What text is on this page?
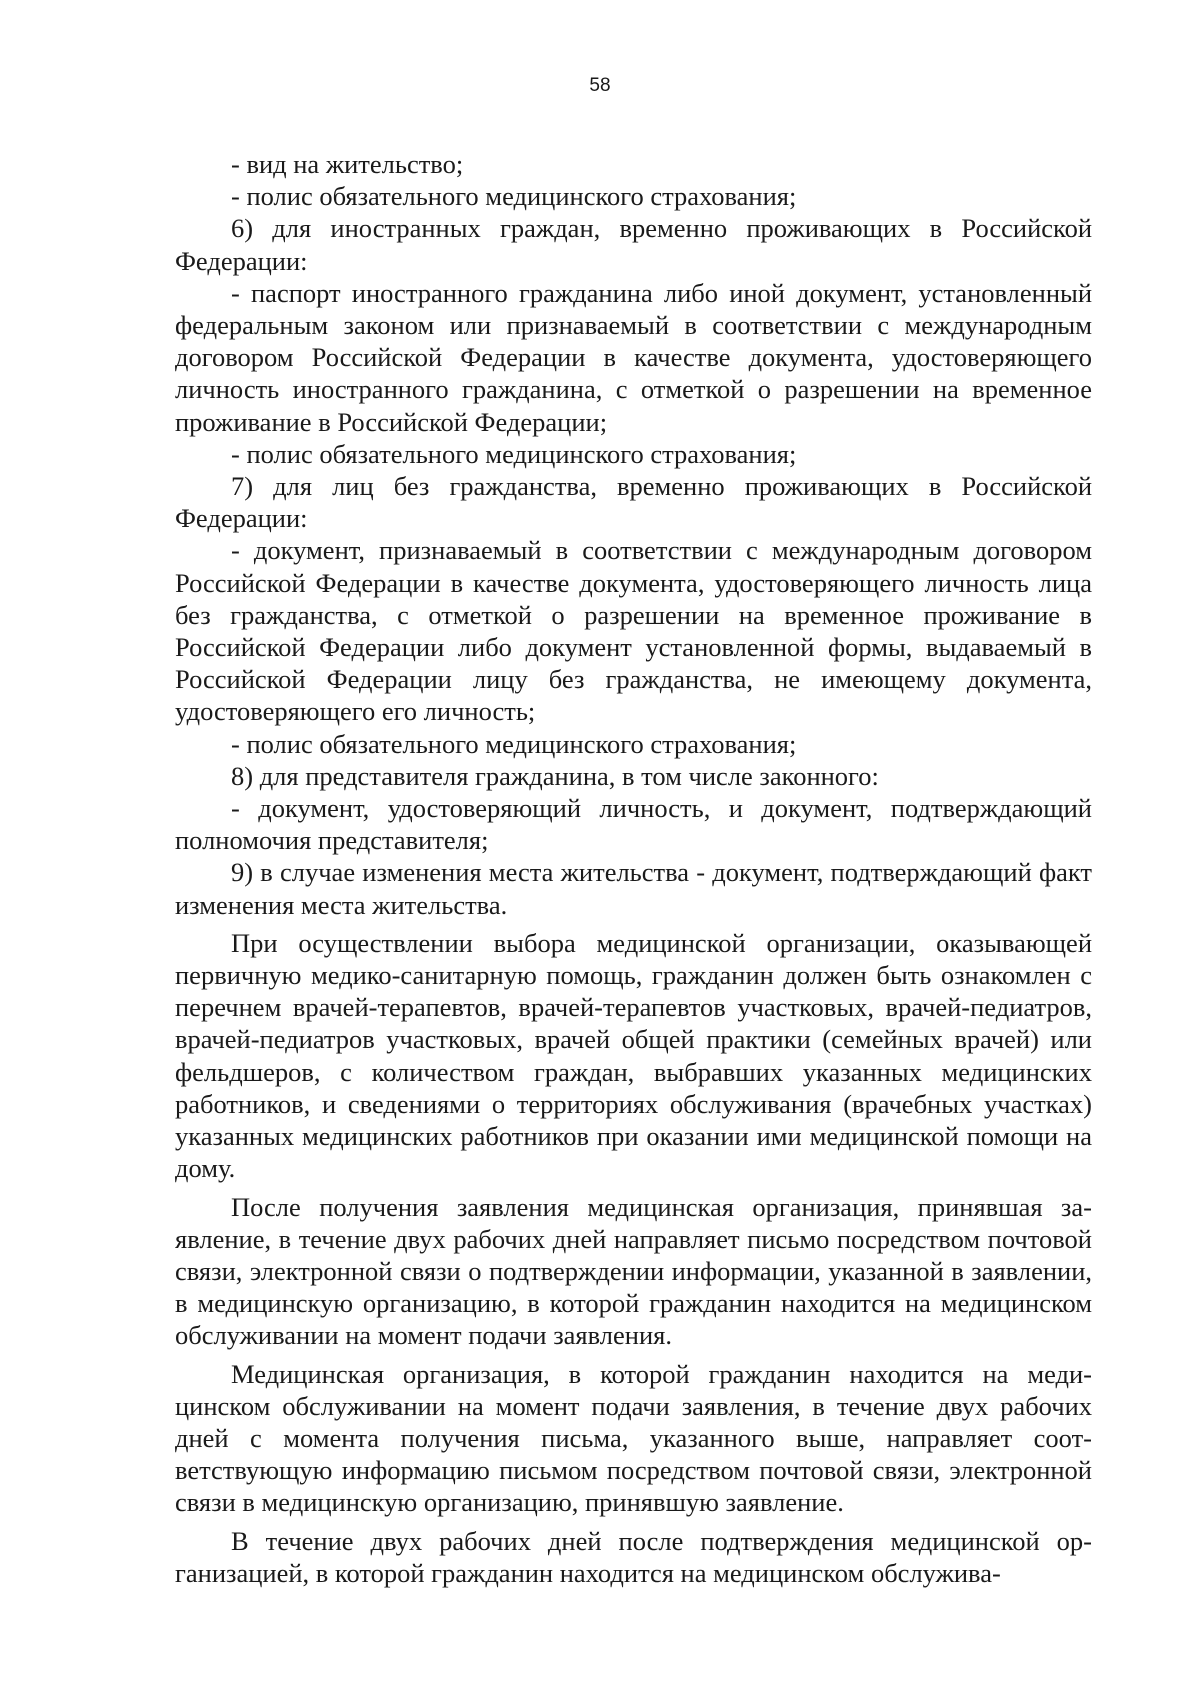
58

- вид на жительство;

- полис обязательного медицинского страхования;

6) для иностранных граждан, временно проживающих в Российской Федерации:

- паспорт иностранного гражданина либо иной документ, установленный федеральным законом или признаваемый в соответствии с международным договором Российской Федерации в качестве документа, удостоверяющего личность иностранного гражданина, с отметкой о разрешении на временное проживание в Российской Федерации;

- полис обязательного медицинского страхования;

7) для лиц без гражданства, временно проживающих в Российской Федерации:

- документ, признаваемый в соответствии с международным договором Российской Федерации в качестве документа, удостоверяющего личность лица без гражданства, с отметкой о разрешении на временное проживание в Российской Федерации либо документ установленной формы, выдаваемый в Российской Федерации лицу без гражданства, не имеющему документа, удостоверяющего его личность;

- полис обязательного медицинского страхования;

8) для представителя гражданина, в том числе законного:

- документ, удостоверяющий личность, и документ, подтверждающий полномочия представителя;

9) в случае изменения места жительства - документ, подтверждающий факт изменения места жительства.

При осуществлении выбора медицинской организации, оказывающей первичную медико-санитарную помощь, гражданин должен быть ознакомлен с перечнем врачей-терапевтов, врачей-терапевтов участковых, врачей-педиатров, врачей-педиатров участковых, врачей общей практики (семейных врачей) или фельдшеров, с количеством граждан, выбравших указанных медицинских работников, и сведениями о территориях обслуживания (врачебных участках) указанных медицинских работников при оказании ими медицинской помощи на дому.

После получения заявления медицинская организация, принявшая заявление, в течение двух рабочих дней направляет письмо посредством почтовой связи, электронной связи о подтверждении информации, указанной в заявлении, в медицинскую организацию, в которой гражданин находится на медицинском обслуживании на момент подачи заявления.

Медицинская организация, в которой гражданин находится на медицинском обслуживании на момент подачи заявления, в течение двух рабочих дней с момента получения письма, указанного выше, направляет соответствующую информацию письмом посредством почтовой связи, электронной связи в медицинскую организацию, принявшую заявление.

В течение двух рабочих дней после подтверждения медицинской организацией, в которой гражданин находится на медицинском обслужива-
